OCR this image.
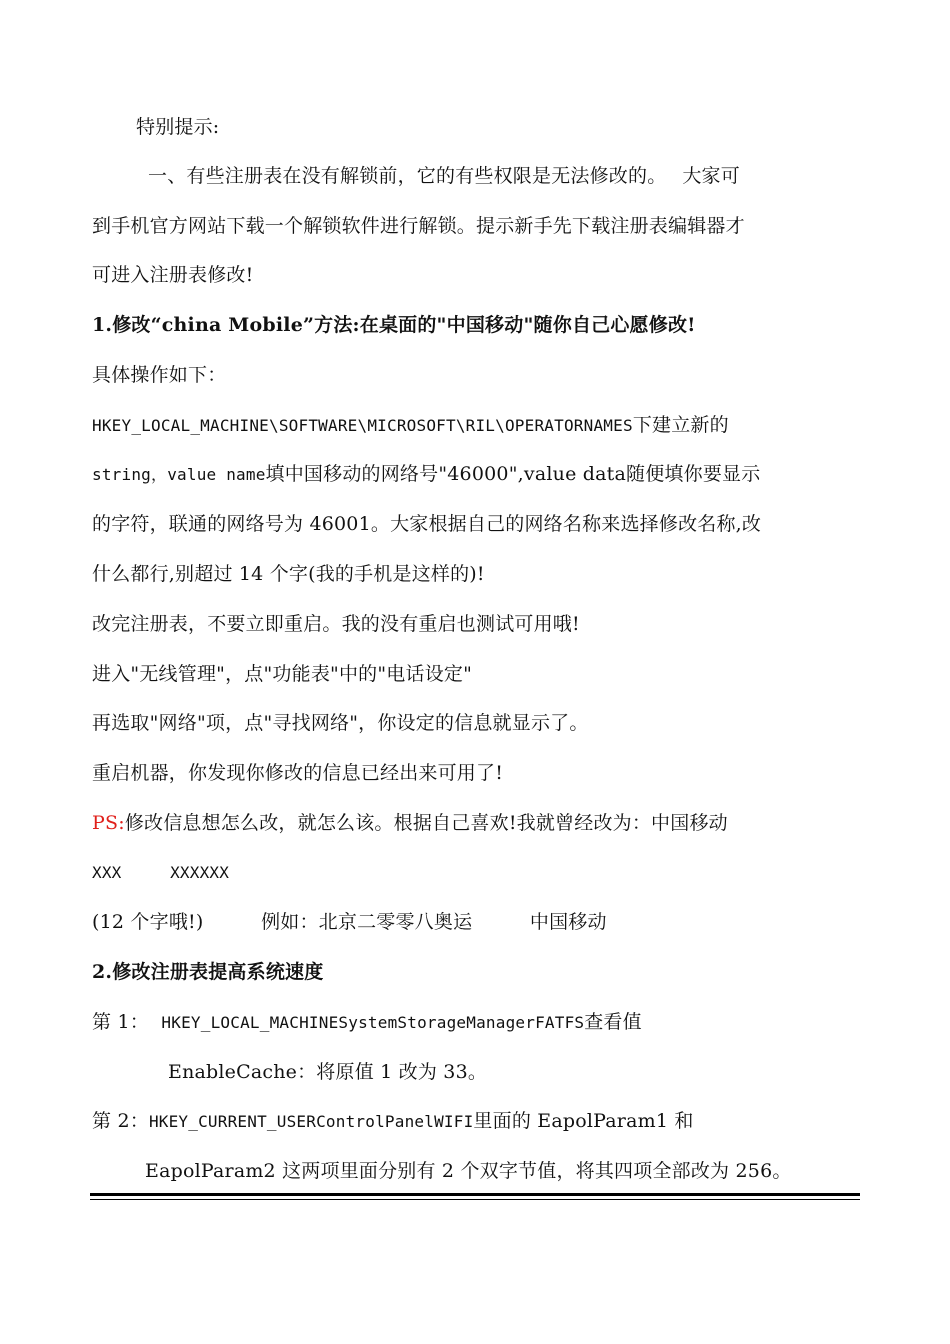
特别提示:
一、有些注册表在没有解锁前，它的有些权限是无法修改的。　 大家可
到手机官方网站下载一个解锁软件进行解锁。提示新手先下载注册表编辑器才
可进入注册表修改!
1.修改“china Mobile”方法:在桌面的"中国移动"随你自己心愿修改!
具体操作如下：
HKEY_LOCAL_MACHINE\SOFTWARE\MICROSOFT\RIL\OPERATORNAMES下建立新的
string，value name填中国移动的网络号"46000",value data随便填你要显示
的字符，联通的网络号为 46001。大家根据自己的网络名称来选择修改名称,改
什么都行,别超过 14 个字(我的手机是这样的)!
改完注册表，不要立即重启。我的没有重启也测试可用哦!
进入"无线管理"，点"功能表"中的"电话设定"
再选取"网络"项，点"寻找网络"，你设定的信息就显示了。
重启机器，你发现你修改的信息已经出来可用了!
PS:修改信息想怎么改，就怎么该。根据自己喜欢!我就曾经改为：中国移动
XXX　　　XXXXXX
(12 个字哦!)　　　例如：北京二零零八奥运　　　中国移动
2.修改注册表提高系统速度
第 1： HKEY_LOCAL_MACHINESystemStorageManagerFATFS查看值
EnableCache：将原值 1 改为 33。
第 2：HKEY_CURRENT_USERControlPanelWIFI里面的 EapolParam1 和
EapolParam2 这两项里面分别有 2 个双字节值，将其四项全部改为 256。
